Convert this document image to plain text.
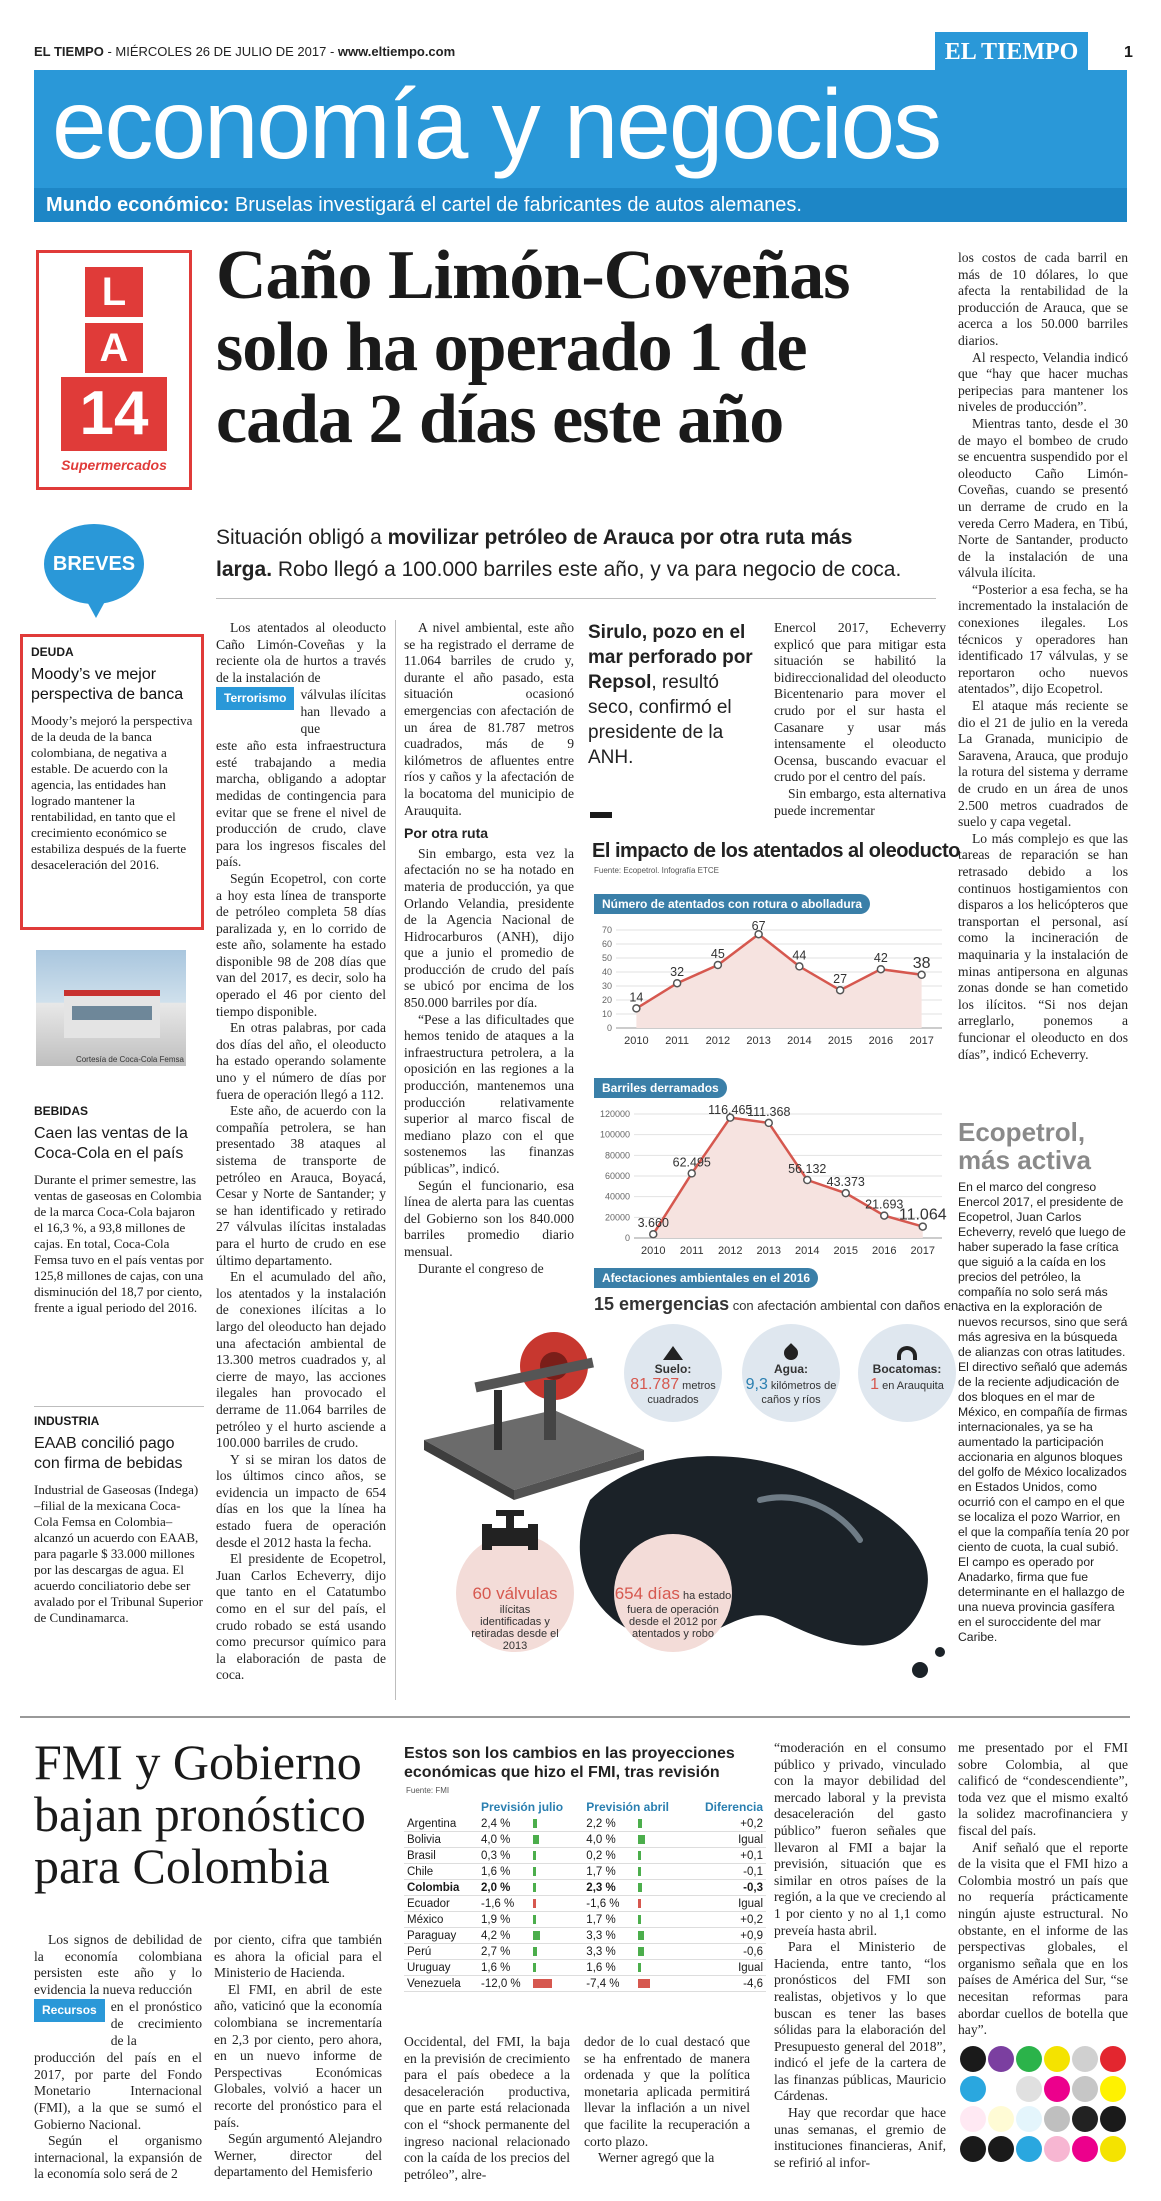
EL TIEMPO - MIÉRCOLES 26 DE JULIO DE 2017 - www.eltiempo.com	EL TIEMPO	1
economía y negocios
Mundo económico: Bruselas investigará el cartel de fabricantes de autos alemanes.
L
A
14
Supermercados
Caño Limón-Coveñas
solo ha operado 1 de
cada 2 días este año
Situación obligó a movilizar petróleo de Arauca por otra ruta más
larga. Robo llegó a 100.000 barriles este año, y va para negocio de coca.
BREVES
DEUDA
Moody’s ve mejor perspectiva de banca
Moody’s mejoró la perspectiva de la deuda de la banca colombiana, de negativa a estable. De acuerdo con la agencia, las entidades han logrado mantener la rentabilidad, en tanto que el crecimiento económico se estabiliza después de la fuerte desaceleración del 2016.
Cortesía de Coca-Cola Femsa
BEBIDAS
Caen las ventas de la Coca-Cola en el país
Durante el primer semestre, las ventas de gaseosas en Colombia de la marca Coca-Cola bajaron el 16,3 %, a 93,8 millones de cajas. En total, Coca-Cola Femsa tuvo en el país ventas por 125,8 millones de cajas, con una disminución del 18,7 por ciento, frente a igual periodo del 2016.
INDUSTRIA
EAAB concilió pago con firma de bebidas
Industrial de Gaseosas (Indega) –filial de la mexicana Coca- Cola Femsa en Colombia– alcanzó un acuerdo con EAAB, para pagarle $ 33.000 millones por las descargas de agua. El acuerdo conciliatorio debe ser avalado por el Tribunal Superior de Cundinamarca.

Los atentados al oleoducto Caño Limón-Coveñas y la reciente ola de hurtos a través de la instalación de

Terrorismo	válvulas ilícitas han llevado a que

este año esta infraestructura esté trabajando a media marcha, obligando a adoptar medidas de contingencia para evitar que se frene el nivel de producción de crudo, clave para los ingresos fiscales del país.

Según Ecopetrol, con corte a hoy esta línea de transporte de petróleo completa 58 días paralizada y, en lo corrido de este año, solamente ha estado disponible 98 de 208 días que van del 2017, es decir, solo ha operado el 46 por ciento del tiempo disponible.

En otras palabras, por cada dos días del año, el oleoducto ha estado operando solamente uno y el número de días por fuera de operación llegó a 112.

Este año, de acuerdo con la compañía petrolera, se han presentado 38 ataques al sistema de transporte de petróleo en Arauca, Boyacá, Cesar y Norte de Santander; y se han identificado y retirado 27 válvulas ilícitas instaladas para el hurto de crudo en ese último departamento.

En el acumulado del año, los atentados y la instalación de conexiones ilícitas a lo largo del oleoducto han dejado una afectación ambiental de 13.300 metros cuadrados y, al cierre de mayo, las acciones ilegales han provocado el derrame de 11.064 barriles de petróleo y el hurto asciende a 100.000 barriles de crudo.

Y si se miran los datos de los últimos cinco años, se evidencia un impacto de 654 días en los que la línea ha estado fuera de operación desde el 2012 hasta la fecha.

El presidente de Ecopetrol, Juan Carlos Echeverry, dijo que tanto en el Catatumbo como en el sur del país, el crudo robado se está usando como precursor químico para la elaboración de pasta de coca.

A nivel ambiental, este año se ha registrado el derrame de 11.064 barriles de crudo y, durante el año pasado, esta situación ocasionó emergencias con afectación de un área de 81.787 metros cuadrados, más de 9 kilómetros de afluentes entre ríos y caños y la afectación de la bocatoma del municipio de Arauquita.

Por otra ruta

Sin embargo, esta vez la afectación no se ha notado en materia de producción, ya que Orlando Velandia, presidente de la Agencia Nacional de Hidrocarburos (ANH), dijo que a junio el promedio de producción de crudo del país se ubicó por encima de los 850.000 barriles por día.

“Pese a las dificultades que hemos tenido de ataques a la infraestructura petrolera, a la oposición en las regiones a la producción, mantenemos una producción relativamente superior al marco fiscal de mediano plazo con el que sostenemos las finanzas públicas”, indicó.

Según el funcionario, esa línea de alerta para las cuentas del Gobierno son los 840.000 barriles promedio diario mensual.

Durante el congreso de

Sirulo, pozo en el mar perforado por Repsol, resultó seco, confirmó el presidente de la ANH.

Enercol 2017, Echeverry explicó que para mitigar esta situación se habilitó la bidireccionalidad del oleoducto Bicentenario para mover el crudo por el sur hasta el Casanare y usar más intensamente el oleoducto Ocensa, buscando evacuar el crudo por el centro del país.

Sin embargo, esta alternativa puede incrementar

los costos de cada barril en más de 10 dólares, lo que afecta la rentabilidad de la producción de Arauca, que se acerca a los 50.000 barriles diarios.

Al respecto, Velandia indicó que “hay que hacer muchas peripecias para mantener los niveles de producción”.

Mientras tanto, desde el 30 de mayo el bombeo de crudo se encuentra suspendido por el oleoducto Caño Limón-Coveñas, cuando se presentó un derrame de crudo en la vereda Cerro Madera, en Tibú, Norte de Santander, producto de la instalación de una válvula ilícita.

“Posterior a esa fecha, se ha incrementado la instalación de conexiones ilegales. Los técnicos y operadores han identificado 17 válvulas, y se reportaron ocho nuevos atentados”, dijo Ecopetrol.

El ataque más reciente se dio el 21 de julio en la vereda La Granada, municipio de Saravena, Arauca, que produjo la rotura del sistema y derrame de crudo en un área de unos 2.500 metros cuadrados de suelo y capa vegetal.

Lo más complejo es que las tareas de reparación se han retrasado debido a los continuos hostigamientos con disparos a los helicópteros que transportan el personal, así como la incineración de maquinaria y la instalación de minas antipersona en algunas zonas donde se han cometido los ilícitos. “Si nos dejan arreglarlo, ponemos a funcionar el oleoducto en dos días”, indicó Echeverry.

Ecopetrol,
más activa
En el marco del congreso Enercol 2017, el presidente de Ecopetrol, Juan Carlos Echeverry, reveló que luego de haber superado la fase crítica que siguió a la caída en los precios del petróleo, la compañía no solo será más activa en la exploración de nuevos recursos, sino que será más agresiva en la búsqueda de alianzas con otras latitudes. El directivo señaló que además de la reciente adjudicación de dos bloques en el mar de México, en compañía de firmas internacionales, ya se ha aumentado la participación accionaria en algunos bloques del golfo de México localizados en Estados Unidos, como ocurrió con el campo en el que se localiza el pozo Warrior, en el que la compañía tenía 20 por ciento de cuota, la cual subió. El campo es operado por Anadarko, firma que fue determinante en el hallazgo de una nueva provincia gasífera en el suroccidente del mar Caribe.
El impacto de los atentados al oleoducto
Fuente: Ecopetrol. Infografía ETCE
Número de atentados con rotura o abolladura
0
10
20
30
40
50
60
70
14
2010
32
2011
45
2012
67
2013
44
2014
27
2015
42
2016
38
2017
Barriles derramados
0
20000
40000
60000
80000
100000
120000
3.660
2010
62.495
2011
116.465
2012
111.368
2013
56.132
2014
43.373
2015
21.693
2016
11.064
2017
Afectaciones ambientales en el 2016
15 emergencias con afectación ambiental con daños en:
Suelo:
81.787 metros cuadrados
Agua:
9,3 kilómetros de caños y ríos
Bocatomas:
1 en Arauquita
60 válvulas
ilícitas identificadas y retiradas desde el 2013
654 días ha estado fuera de operación desde el 2012 por atentados y robo
FMI y Gobierno
bajan pronóstico
para Colombia

Los signos de debilidad de la economía colombiana persisten este año y lo evidencia la nueva reducción

Recursos	en el pronóstico de crecimiento de la

producción del país en el 2017, por parte del Fondo Monetario Internacional (FMI), a la que se sumó el Gobierno Nacional.

Según el organismo internacional, la expansión de la economía solo será de 2

por ciento, cifra que también es ahora la oficial para el Ministerio de Hacienda.

El FMI, en abril de este año, vaticinó que la economía colombiana se incrementaría en 2,3 por ciento, pero ahora, en un nuevo informe de Perspectivas Económicas Globales, volvió a hacer un recorte del pronóstico para el país.

Según argumentó Alejandro Werner, director del departamento del Hemisferio

Estos son los cambios en las proyecciones económicas que hizo el FMI, tras revisión
Fuente: FMI
	Previsión julio	Previsión abril	Diferencia
Argentina	2,4 %	2,2 %	+0,2
Bolivia	4,0 %	4,0 %	Igual
Brasil	0,3 %	0,2 %	+0,1
Chile	1,6 %	1,7 %	-0,1
Colombia	2,0 %	2,3 %	-0,3
Ecuador	-1,6 %	-1,6 %	Igual
México	1,9 %	1,7 %	+0,2
Paraguay	4,2 %	3,3 %	+0,9
Perú	2,7 %	3,3 %	-0,6
Uruguay	1,6 %	1,6 %	Igual
Venezuela	-12,0 %	-7,4 %	-4,6

Occidental, del FMI, la baja en la previsión de crecimiento para el país obedece a la desaceleración productiva, que en parte está relacionada con el “shock permanente del ingreso nacional relacionado con la caída de los precios del petróleo”, alre-

dedor de lo cual destacó que se ha enfrentado de manera ordenada y que la política monetaria aplicada permitirá llevar la inflación a un nivel que facilite la recuperación a corto plazo.

Werner agregó que la

“moderación en el consumo público y privado, vinculado con la mayor debilidad del mercado laboral y la prevista desaceleración del gasto público” fueron señales que llevaron al FMI a bajar la previsión, situación que es similar en otros países de la región, a la que ve creciendo al 1 por ciento y no al 1,1 como preveía hasta abril.

Para el Ministerio de Hacienda, entre tanto, “los pronósticos del FMI son realistas, objetivos y lo que buscan es tener las bases sólidas para la elaboración del Presupuesto general del 2018”, indicó el jefe de la cartera de las finanzas públicas, Mauricio Cárdenas.

Hay que recordar que hace unas semanas, el gremio de instituciones financieras, Anif, se refirió al infor-

me presentado por el FMI sobre Colombia, al que calificó de “condescendiente”, toda vez que el mismo exaltó la solidez macrofinanciera y fiscal del país.

Anif señaló que el reporte de la visita que el FMI hizo a Colombia mostró un país que no requería prácticamente ningún ajuste estructural. No obstante, en el informe de las perspectivas globales, el organismo señala que en los países de América del Sur, “se necesitan reformas para abordar cuellos de botella que hay”.
